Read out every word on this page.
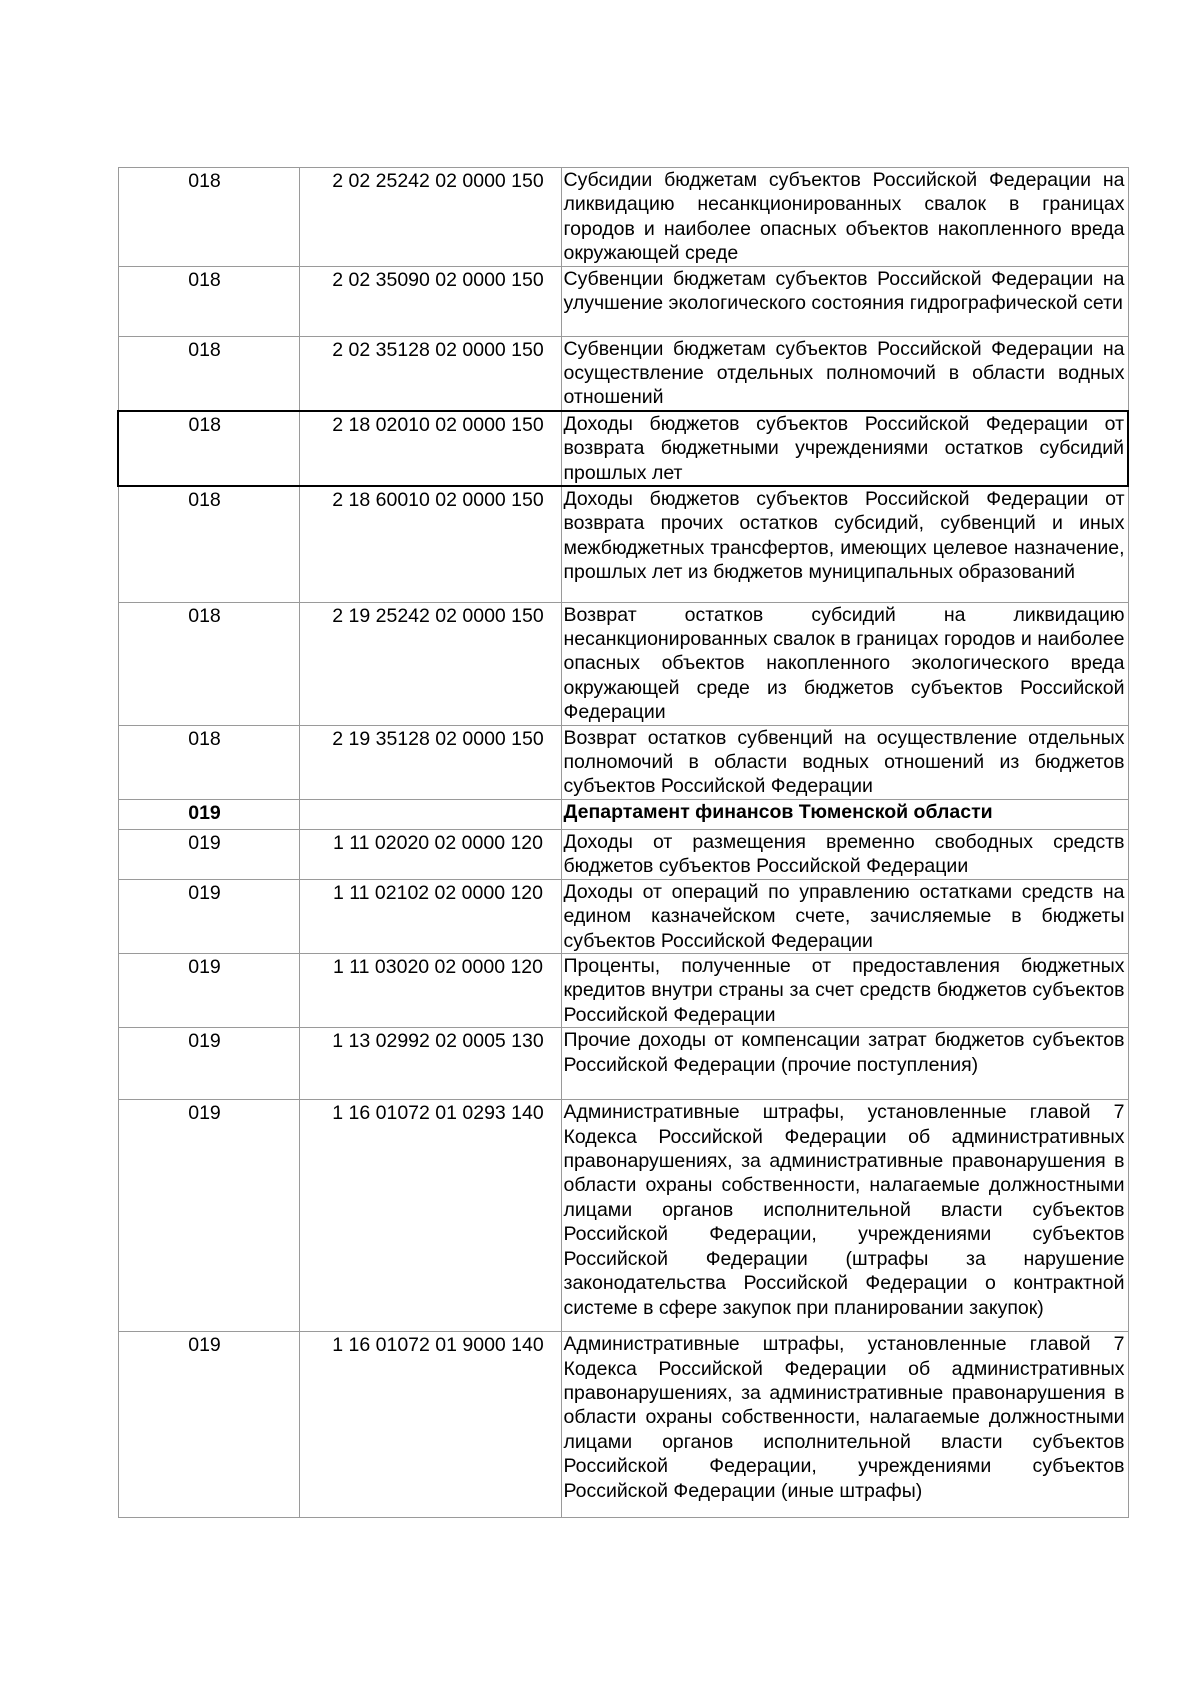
018	2 02 25242 02 0000 150	Субсидии бюджетам субъектов Российской Федерации на ликвидацию несанкционированных свалок в границах городов и наиболее опасных объектов накопленного вреда окружающей среде

018	2 02 35090 02 0000 150	Субвенции бюджетам субъектов Российской Федерации на улучшение экологического состояния гидрографической сети

018	2 02 35128 02 0000 150	Субвенции бюджетам субъектов Российской Федерации на осуществление отдельных полномочий в области водных отношений

018	2 18 02010 02 0000 150	Доходы бюджетов субъектов Российской Федерации от возврата бюджетными учреждениями остатков субсидий прошлых лет

018	2 18 60010 02 0000 150	Доходы бюджетов субъектов Российской Федерации от возврата прочих остатков субсидий, субвенций и иных межбюджетных трансфертов, имеющих целевое назначение, прошлых лет из бюджетов муниципальных образований

018	2 19 25242 02 0000 150	Возврат остатков субсидий на ликвидацию несанкционированных свалок в границах городов и наиболее опасных объектов накопленного экологического вреда окружающей среде из бюджетов субъектов Российской Федерации

018	2 19 35128 02 0000 150	Возврат остатков субвенций на осуществление отдельных полномочий в области водных отношений из бюджетов субъектов Российской Федерации

019		Департамент финансов Тюменской области

019	1 11 02020 02 0000 120	Доходы от размещения временно свободных средств бюджетов субъектов Российской Федерации

019	1 11 02102 02 0000 120	Доходы от операций по управлению остатками средств на едином казначейском счете, зачисляемые в бюджеты субъектов Российской Федерации

019	1 11 03020 02 0000 120	Проценты, полученные от предоставления бюджетных кредитов внутри страны за счет средств бюджетов субъектов Российской Федерации

019	1 13 02992 02 0005 130	Прочие доходы от компенсации затрат бюджетов субъектов Российской Федерации (прочие поступления)

019	1 16 01072 01 0293 140	Административные штрафы, установленные главой 7 Кодекса Российской Федерации об административных правонарушениях, за административные правонарушения в области охраны собственности, налагаемые должностными лицами органов исполнительной власти субъектов Российской Федерации, учреждениями субъектов Российской Федерации (штрафы за нарушение законодательства Российской Федерации о контрактной системе в сфере закупок при планировании закупок)

019	1 16 01072 01 9000 140	Административные штрафы, установленные главой 7 Кодекса Российской Федерации об административных правонарушениях, за административные правонарушения в области охраны собственности, налагаемые должностными лицами органов исполнительной власти субъектов Российской Федерации, учреждениями субъектов Российской Федерации (иные штрафы)
